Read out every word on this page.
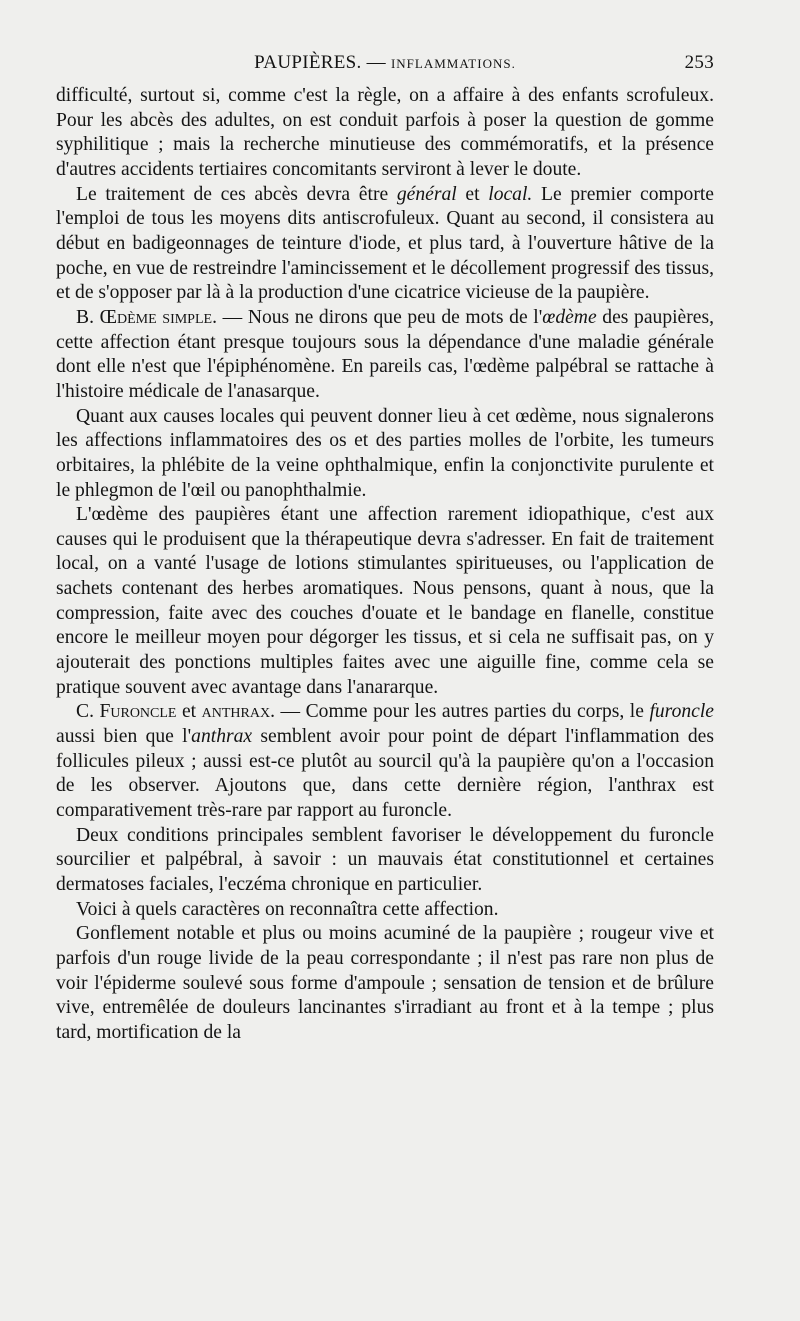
PAUPIÈRES. — INFLAMMATIONS.	253

difficulté, surtout si, comme c'est la règle, on a affaire à des enfants scrofuleux. Pour les abcès des adultes, on est conduit parfois à poser la question de gomme syphilitique ; mais la recherche minutieuse des commémoratifs, et la présence d'autres accidents tertiaires concomitants serviront à lever le doute.

Le traitement de ces abcès devra être général et local. Le premier comporte l'emploi de tous les moyens dits antiscrofuleux. Quant au second, il consistera au début en badigeonnages de teinture d'iode, et plus tard, à l'ouverture hâtive de la poche, en vue de restreindre l'amincissement et le décollement progressif des tissus, et de s'opposer par là à la production d'une cicatrice vicieuse de la paupière.

B. Œdème simple. — Nous ne dirons que peu de mots de l'œdème des paupières, cette affection étant presque toujours sous la dépendance d'une maladie générale dont elle n'est que l'épiphénomène. En pareils cas, l'œdème palpébral se rattache à l'histoire médicale de l'anasarque.

Quant aux causes locales qui peuvent donner lieu à cet œdème, nous signalerons les affections inflammatoires des os et des parties molles de l'orbite, les tumeurs orbitaires, la phlébite de la veine ophthalmique, enfin la conjonctivite purulente et le phlegmon de l'œil ou panophthalmie.

L'œdème des paupières étant une affection rarement idiopathique, c'est aux causes qui le produisent que la thérapeutique devra s'adresser. En fait de traitement local, on a vanté l'usage de lotions stimulantes spiritueuses, ou l'application de sachets contenant des herbes aromatiques. Nous pensons, quant à nous, que la compression, faite avec des couches d'ouate et le bandage en flanelle, constitue encore le meilleur moyen pour dégorger les tissus, et si cela ne suffisait pas, on y ajouterait des ponctions multiples faites avec une aiguille fine, comme cela se pratique souvent avec avantage dans l'anararque.

C. Furoncle et anthrax. — Comme pour les autres parties du corps, le furoncle aussi bien que l'anthrax semblent avoir pour point de départ l'inflammation des follicules pileux ; aussi est-ce plutôt au sourcil qu'à la paupière qu'on a l'occasion de les observer. Ajoutons que, dans cette dernière région, l'anthrax est comparativement très-rare par rapport au furoncle.

Deux conditions principales semblent favoriser le développement du furoncle sourcilier et palpébral, à savoir : un mauvais état constitutionnel et certaines dermatoses faciales, l'eczéma chronique en particulier.

Voici à quels caractères on reconnaîtra cette affection.

Gonflement notable et plus ou moins acuminé de la paupière ; rougeur vive et parfois d'un rouge livide de la peau correspondante ; il n'est pas rare non plus de voir l'épiderme soulevé sous forme d'ampoule ; sensation de tension et de brûlure vive, entremêlée de douleurs lancinantes s'irradiant au front et à la tempe ; plus tard, mortification de la
